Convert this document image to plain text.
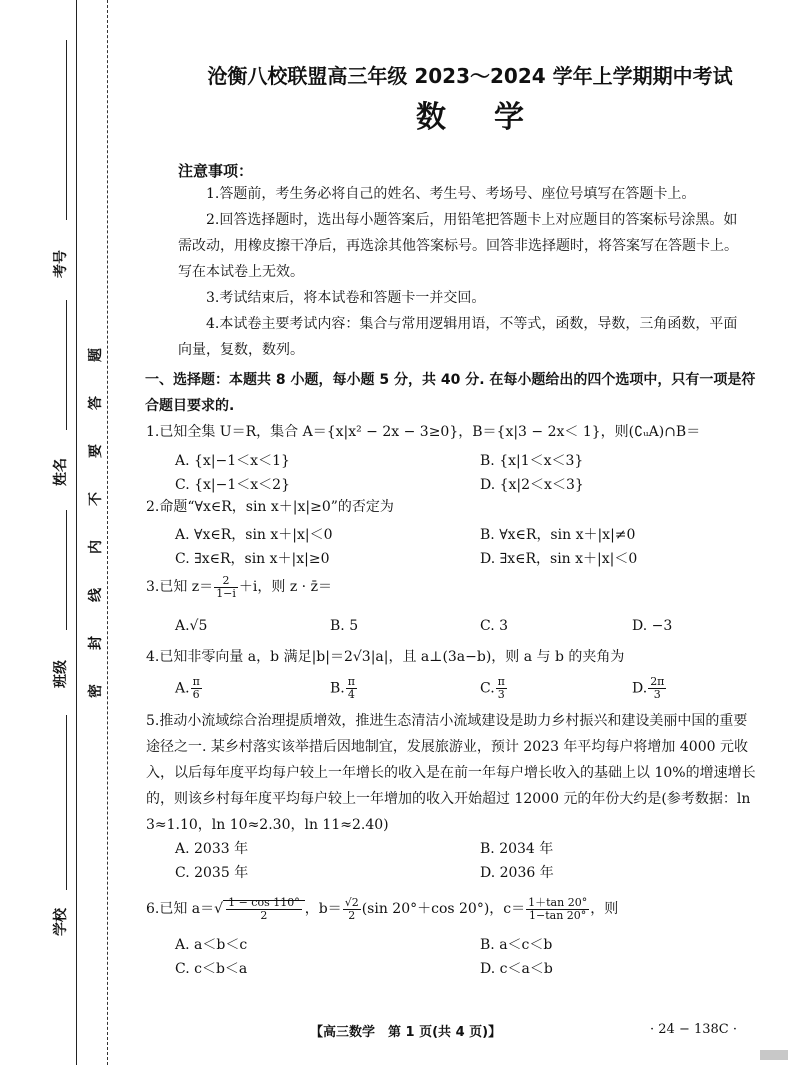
考号
姓名
班级
学校
题
答
要
不
内
线
封
密
沧衡八校联盟高三年级 2023～2024 学年上学期期中考试
数学
注意事项：
1.答题前，考生务必将自己的姓名、考生号、考场号、座位号填写在答题卡上。
2.回答选择题时，选出每小题答案后，用铅笔把答题卡上对应题目的答案标号涂黑。如需改动，用橡皮擦干净后，再选涂其他答案标号。回答非选择题时，将答案写在答题卡上。写在本试卷上无效。
3.考试结束后，将本试卷和答题卡一并交回。
4.本试卷主要考试内容：集合与常用逻辑用语，不等式，函数，导数，三角函数，平面向量，复数，数列。
一、选择题：本题共 8 小题，每小题 5 分，共 40 分. 在每小题给出的四个选项中，只有一项是符合题目要求的.
1.已知全集 U＝R，集合 A＝{x|x² − 2x − 3≥0}，B＝{x|3 − 2x＜ 1}，则(∁ᵤA)∩B＝
A. {x|−1＜x＜1}	B. {x|1＜x＜3}
C. {x|−1＜x＜2}	D. {x|2＜x＜3}
2.命题“∀x∈R，sin x＋|x|≥0”的否定为
A. ∀x∈R，sin x＋|x|＜0	B. ∀x∈R，sin x＋|x|≠0
C. ∃x∈R，sin x＋|x|≥0	D. ∃x∈R，sin x＋|x|＜0
3.已知 $z= \frac{2}{1-i} +i$，则 z · z̄＝
A.√5	B. 5	C. 3	D. −3
4.已知非零向量 a，b 满足|b|＝2√3|a|，且 a⊥(3a−b)，则 a 与 b 的夹角为
A. $\frac{\pi}{6}$	B. $\frac{\pi}{4}$	C. $\frac{\pi}{3}$	D. $\frac{2\pi}{3}$
5.推动小流域综合治理提质增效，推进生态清洁小流域建设是助力乡村振兴和建设美丽中国的重要途径之一. 某乡村落实该举措后因地制宜，发展旅游业，预计 2023 年平均每户将增加 4000 元收入，以后每年度平均每户较上一年增长的收入是在前一年每户增长收入的基础上以 10%的增速增长的，则该乡村每年度平均每户较上一年增加的收入开始超过 12000 元的年份大约是(参考数据：ln 3≈1.10，ln 10≈2.30，ln 11≈2.40)
A. 2033 年	B. 2034 年
C. 2035 年	D. 2036 年
6.已知 $a=√ \frac{1 - \cos 110^\circ}{2}$ ，$b= \frac{√2}{2} (\sin$ 20°＋cos 20°)，$c= \frac{1+\tan 20^\circ}{1-\tan 20^\circ}$ ，则
A. a＜b＜c	B. a＜c＜b
C. c＜b＜a	D. c＜a＜b
【高三数学　第 1 页(共 4 页)】	· 24 − 138C ·
